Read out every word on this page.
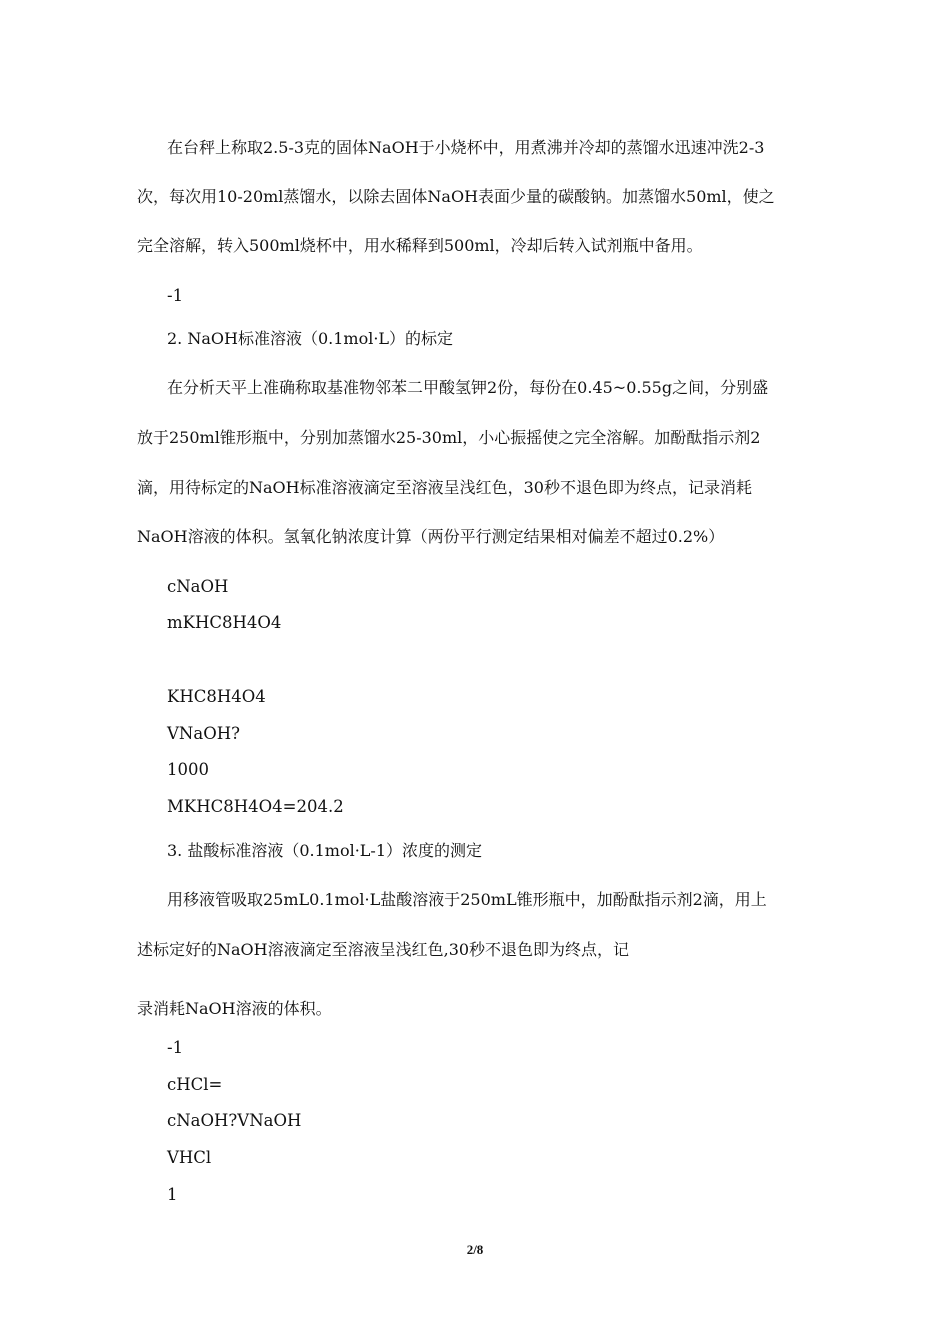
在台秤上称取2.5-3克的固体NaOH于小烧杯中，用煮沸并冷却的蒸馏水迅速冲洗2-3
次，每次用10-20ml蒸馏水，以除去固体NaOH表面少量的碳酸钠。加蒸馏水50ml，使之
完全溶解，转入500ml烧杯中，用水稀释到500ml，冷却后转入试剂瓶中备用。
-1
2. NaOH标准溶液（0.1mol·L）的标定
在分析天平上准确称取基准物邻苯二甲酸氢钾2份，每份在0.45~0.55g之间，分别盛
放于250ml锥形瓶中，分别加蒸馏水25-30ml，小心振摇使之完全溶解。加酚酞指示剂2
滴，用待标定的NaOH标准溶液滴定至溶液呈浅红色，30秒不退色即为终点，记录消耗
NaOH溶液的体积。氢氧化钠浓度计算（两份平行测定结果相对偏差不超过0.2%）
cNaOH
mKHC8H4O4
KHC8H4O4
VNaOH?
1000
MKHC8H4O4=204.2
3. 盐酸标准溶液（0.1mol·L-1）浓度的测定
用移液管吸取25mL0.1mol·L盐酸溶液于250mL锥形瓶中，加酚酞指示剂2滴，用上
述标定好的NaOH溶液滴定至溶液呈浅红色,30秒不退色即为终点，记
录消耗NaOH溶液的体积。
-1
cHCl=
cNaOH?VNaOH
VHCl
1
2/8
